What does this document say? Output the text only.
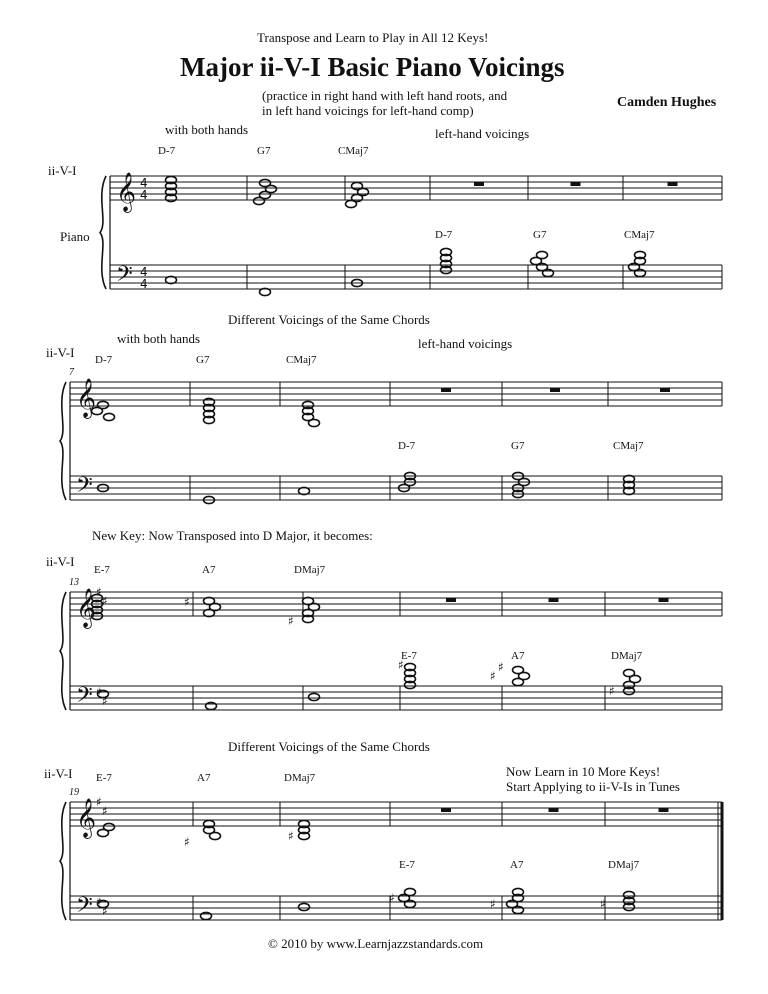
Transpose and Learn to Play in All 12 Keys!
Major ii-V-I Basic Piano Voicings
(practice in right hand with left hand roots, and
in left hand voicings for left-hand comp)
Camden Hughes
with both hands	left-hand voicings
ii-V-I
Piano
D-7	G7	CMaj7
D-7	G7	CMaj7
Different Voicings of the Same Chords
with both hands	left-hand voicings
ii-V-I D-7	G7	CMaj7
D-7	G7	CMaj7
7
New Key: Now Transposed into D Major, it becomes:
ii-V-I
E-7	A7	DMaj7
E-7	A7	DMaj7
13
Different Voicings of the Same Chords
ii-V-I	Now Learn in 10 More Keys!
Start Applying to ii-V-Is in Tunes
E-7	A7	DMaj7
E-7	A7	DMaj7
19
© 2010 by www.Learnjazzstandards.com
𝄞
𝄢
4
4
4
4
𝄞
𝄢
𝄞
𝄢
♯
♯
♯
♯
𝄞
𝄢
♯
♯
♯
♯
♯
♯
♯
♯
♯
♯
♯	♯
♯	♯	♯
